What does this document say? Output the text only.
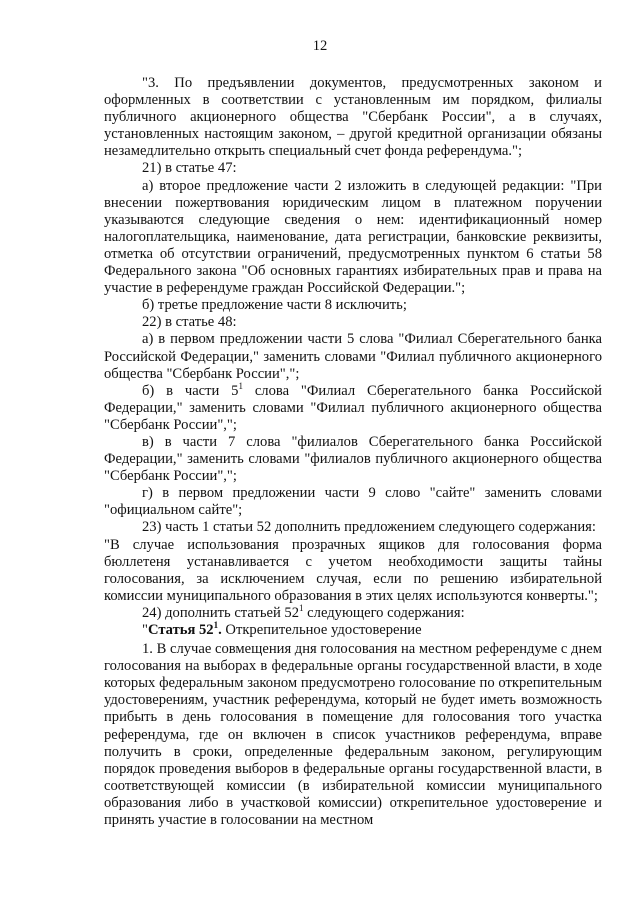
12

"3. По предъявлении документов, предусмотренных законом и оформленных в соответствии с установленным им порядком, филиалы публичного акционерного общества "Сбербанк России", а в случаях, установленных настоящим законом, – другой кредитной организации обязаны незамедлительно открыть специальный счет фонда референдума.";

21) в статье 47:

а) второе предложение части 2 изложить в следующей редакции: "При внесении пожертвования юридическим лицом в платежном поручении указываются следующие сведения о нем: идентификационный номер налогоплательщика, наименование, дата регистрации, банковские реквизиты, отметка об отсутствии ограничений, предусмотренных пунктом 6 статьи 58 Федерального закона "Об основных гарантиях избирательных прав и права на участие в референдуме граждан Российской Федерации.";

б) третье предложение части 8 исключить;

22) в статье 48:

а) в первом предложении части 5 слова "Филиал Сберегательного банка Российской Федерации," заменить словами "Филиал публичного акционерного общества "Сбербанк России",";

б) в части $5^1$ слова "Филиал Сберегательного банка Российской Федерации," заменить словами "Филиал публичного акционерного общества "Сбербанк России",";

в) в части 7 слова "филиалов Сберегательного банка Российской Федерации," заменить словами "филиалов публичного акционерного общества "Сбербанк России",";

г) в первом предложении части 9 слово "сайте" заменить словами "официальном сайте";

23) часть 1 статьи 52 дополнить предложением следующего содержания:

"В случае использования прозрачных ящиков для голосования форма бюллетеня устанавливается с учетом необходимости защиты тайны голосования, за исключением случая, если по решению избирательной комиссии муниципального образования в этих целях используются конверты.";

24) дополнить статьей $52^1$ следующего содержания:

"Статья $52^1$. Открепительное удостоверение

1. В случае совмещения дня голосования на местном референдуме с днем голосования на выборах в федеральные органы государственной власти, в ходе которых федеральным законом предусмотрено голосование по открепительным удостоверениям, участник референдума, который не будет иметь возможность прибыть в день голосования в помещение для голосования того участка референдума, где он включен в список участников референдума, вправе получить в сроки, определенные федеральным законом, регулирующим порядок проведения выборов в федеральные органы государственной власти, в соответствующей комиссии (в избирательной комиссии муниципального образования либо в участковой комиссии) открепительное удостоверение и принять участие в голосовании на местном
